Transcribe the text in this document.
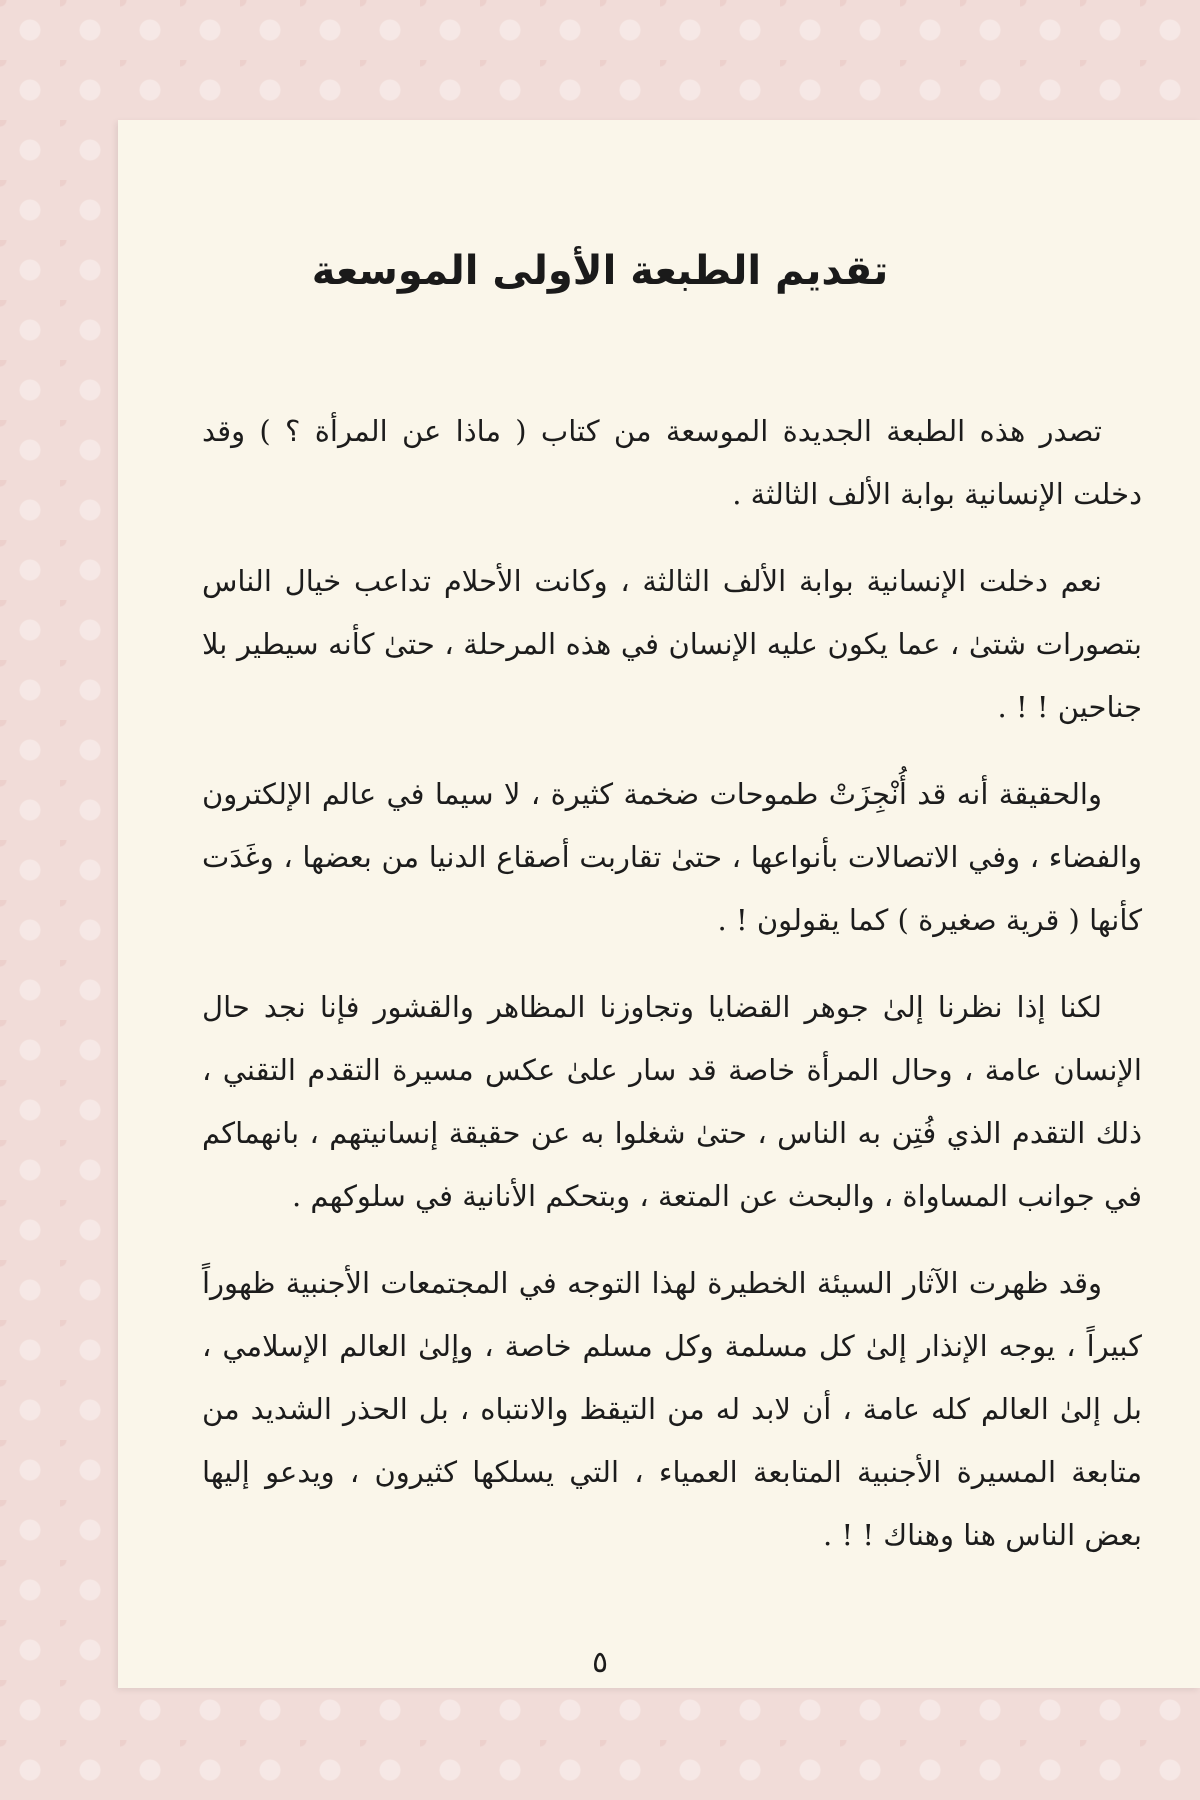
تقديم الطبعة الأولى الموسعة

تصدر هذه الطبعة الجديدة الموسعة من كتاب ( ماذا عن المرأة ؟ ) وقد دخلت الإنسانية بوابة الألف الثالثة .

نعم دخلت الإنسانية بوابة الألف الثالثة ، وكانت الأحلام تداعب خيال الناس بتصورات شتىٰ ، عما يكون عليه الإنسان في هذه المرحلة ، حتىٰ كأنه سيطير بلا جناحين ! ! .

والحقيقة أنه قد أُنْجِزَتْ طموحات ضخمة كثيرة ، لا سيما في عالم الإلكترون والفضاء ، وفي الاتصالات بأنواعها ، حتىٰ تقاربت أصقاع الدنيا من بعضها ، وغَدَت كأنها ( قرية صغيرة ) كما يقولون ! .

لكنا إذا نظرنا إلىٰ جوهر القضايا وتجاوزنا المظاهر والقشور فإنا نجد حال الإنسان عامة ، وحال المرأة خاصة قد سار علىٰ عكس مسيرة التقدم التقني ، ذلك التقدم الذي فُتِن به الناس ، حتىٰ شغلوا به عن حقيقة إنسانيتهم ، بانهماكم في جوانب المساواة ، والبحث عن المتعة ، وبتحكم الأنانية في سلوكهم .

وقد ظهرت الآثار السيئة الخطيرة لهذا التوجه في المجتمعات الأجنبية ظهوراً كبيراً ، يوجه الإنذار إلىٰ كل مسلمة وكل مسلم خاصة ، وإلىٰ العالم الإسلامي ، بل إلىٰ العالم كله عامة ، أن لابد له من التيقظ والانتباه ، بل الحذر الشديد من متابعة المسيرة الأجنبية المتابعة العمياء ، التي يسلكها كثيرون ، ويدعو إليها بعض الناس هنا وهناك ! ! .

٥
